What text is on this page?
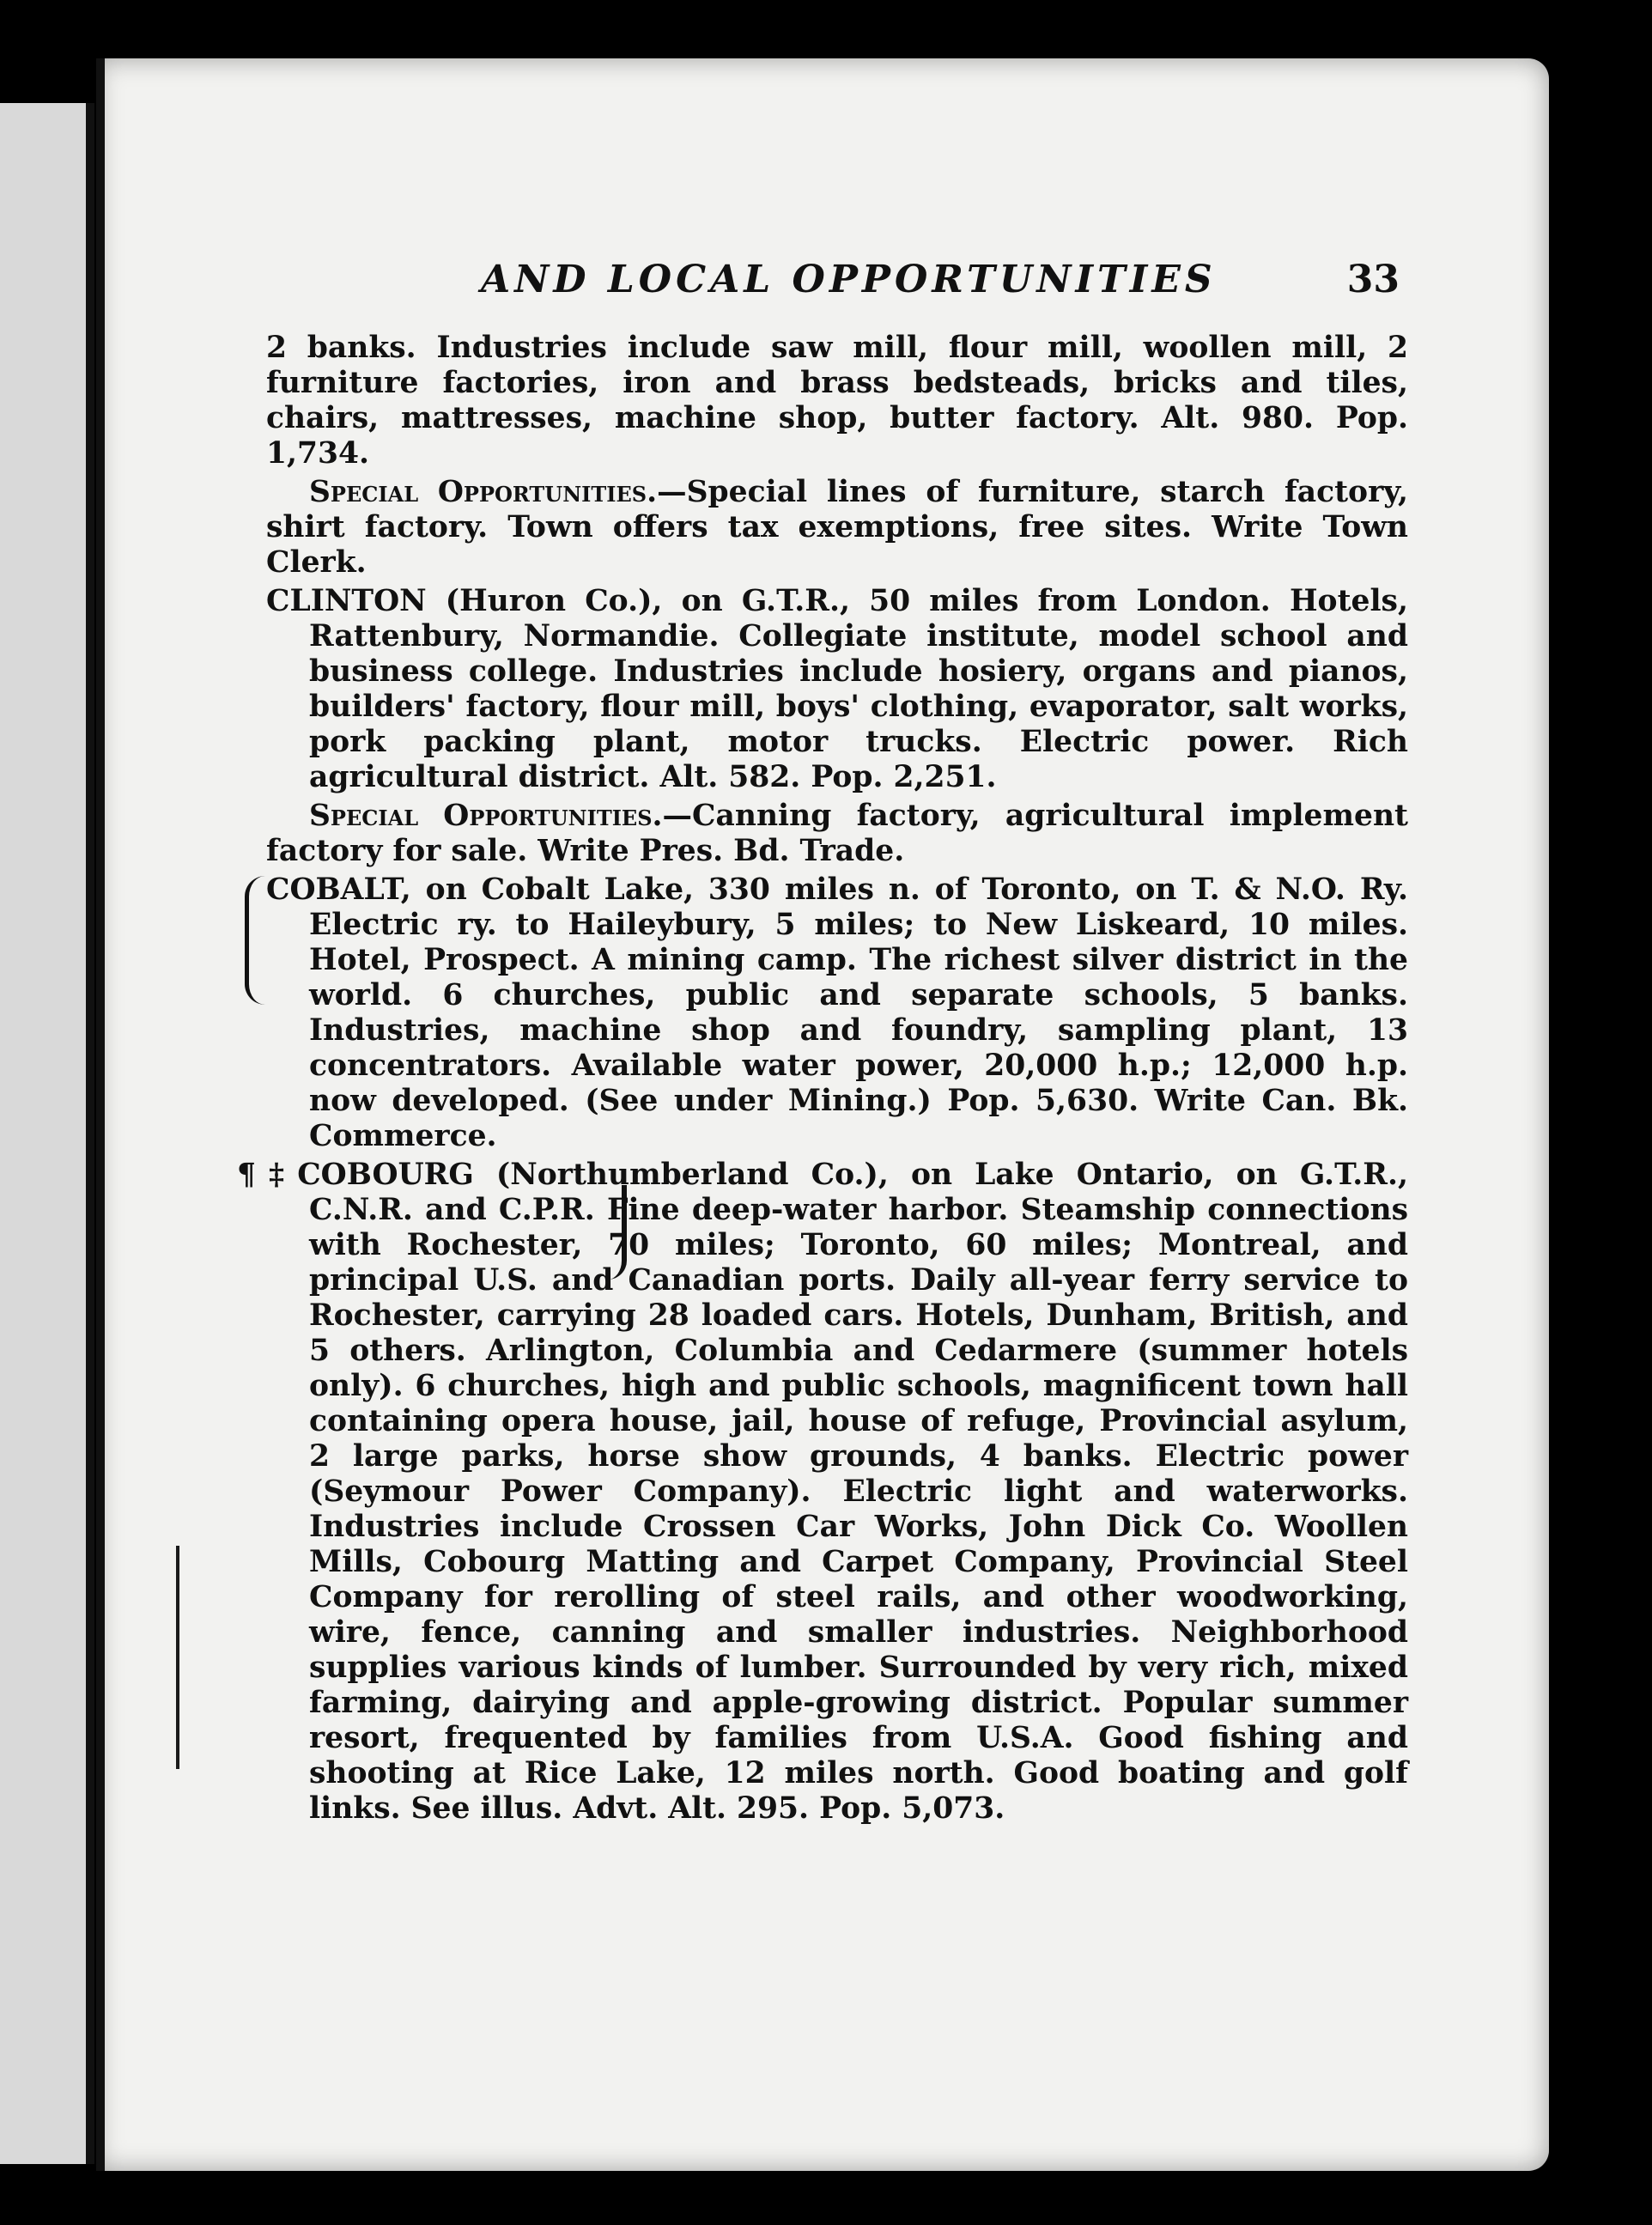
AND LOCAL OPPORTUNITIES	33

2 banks. Industries include saw mill, flour mill, woollen mill, 2 furniture factories, iron and brass bedsteads, bricks and tiles, chairs, mattresses, machine shop, butter factory. Alt. 980. Pop. 1,734.

Special Opportunities.—Special lines of furniture, starch factory, shirt factory. Town offers tax exemptions, free sites. Write Town Clerk.

CLINTON (Huron Co.), on G.T.R., 50 miles from London. Hotels, Rattenbury, Normandie. Collegiate institute, model school and business college. Industries include hosiery, organs and pianos, builders' factory, flour mill, boys' clothing, evaporator, salt works, pork packing plant, motor trucks. Electric power. Rich agricultural district. Alt. 582. Pop. 2,251.

Special Opportunities.—Canning factory, agricultural implement factory for sale. Write Pres. Bd. Trade.

COBALT, on Cobalt Lake, 330 miles n. of Toronto, on T. & N.O. Ry. Electric ry. to Haileybury, 5 miles; to New Liskeard, 10 miles. Hotel, Prospect. A mining camp. The richest silver district in the world. 6 churches, public and separate schools, 5 banks. Industries, machine shop and foundry, sampling plant, 13 concentrators. Available water power, 20,000 h.p.; 12,000 h.p. now developed. (See under Mining.) Pop. 5,630. Write Can. Bk. Commerce.

¶‡COBOURG (Northumberland Co.), on Lake Ontario, on G.T.R., C.N.R. and C.P.R. Fine deep-water harbor. Steamship connections with Rochester, 70 miles; Toronto, 60 miles; Montreal, and principal U.S. and Canadian ports. Daily all-year ferry service to Rochester, carrying 28 loaded cars. Hotels, Dunham, British, and 5 others. Arlington, Columbia and Cedarmere (summer hotels only). 6 churches, high and public schools, magnificent town hall containing opera house, jail, house of refuge, Provincial asylum, 2 large parks, horse show grounds, 4 banks. Electric power (Seymour Power Company). Electric light and waterworks. Industries include Crossen Car Works, John Dick Co. Woollen Mills, Cobourg Matting and Carpet Company, Provincial Steel Company for rerolling of steel rails, and other woodworking, wire, fence, canning and smaller industries. Neighborhood supplies various kinds of lumber. Surrounded by very rich, mixed farming, dairying and apple-growing district. Popular summer resort, frequented by families from U.S.A. Good fishing and shooting at Rice Lake, 12 miles north. Good boating and golf links. See illus. Advt. Alt. 295. Pop. 5,073.
